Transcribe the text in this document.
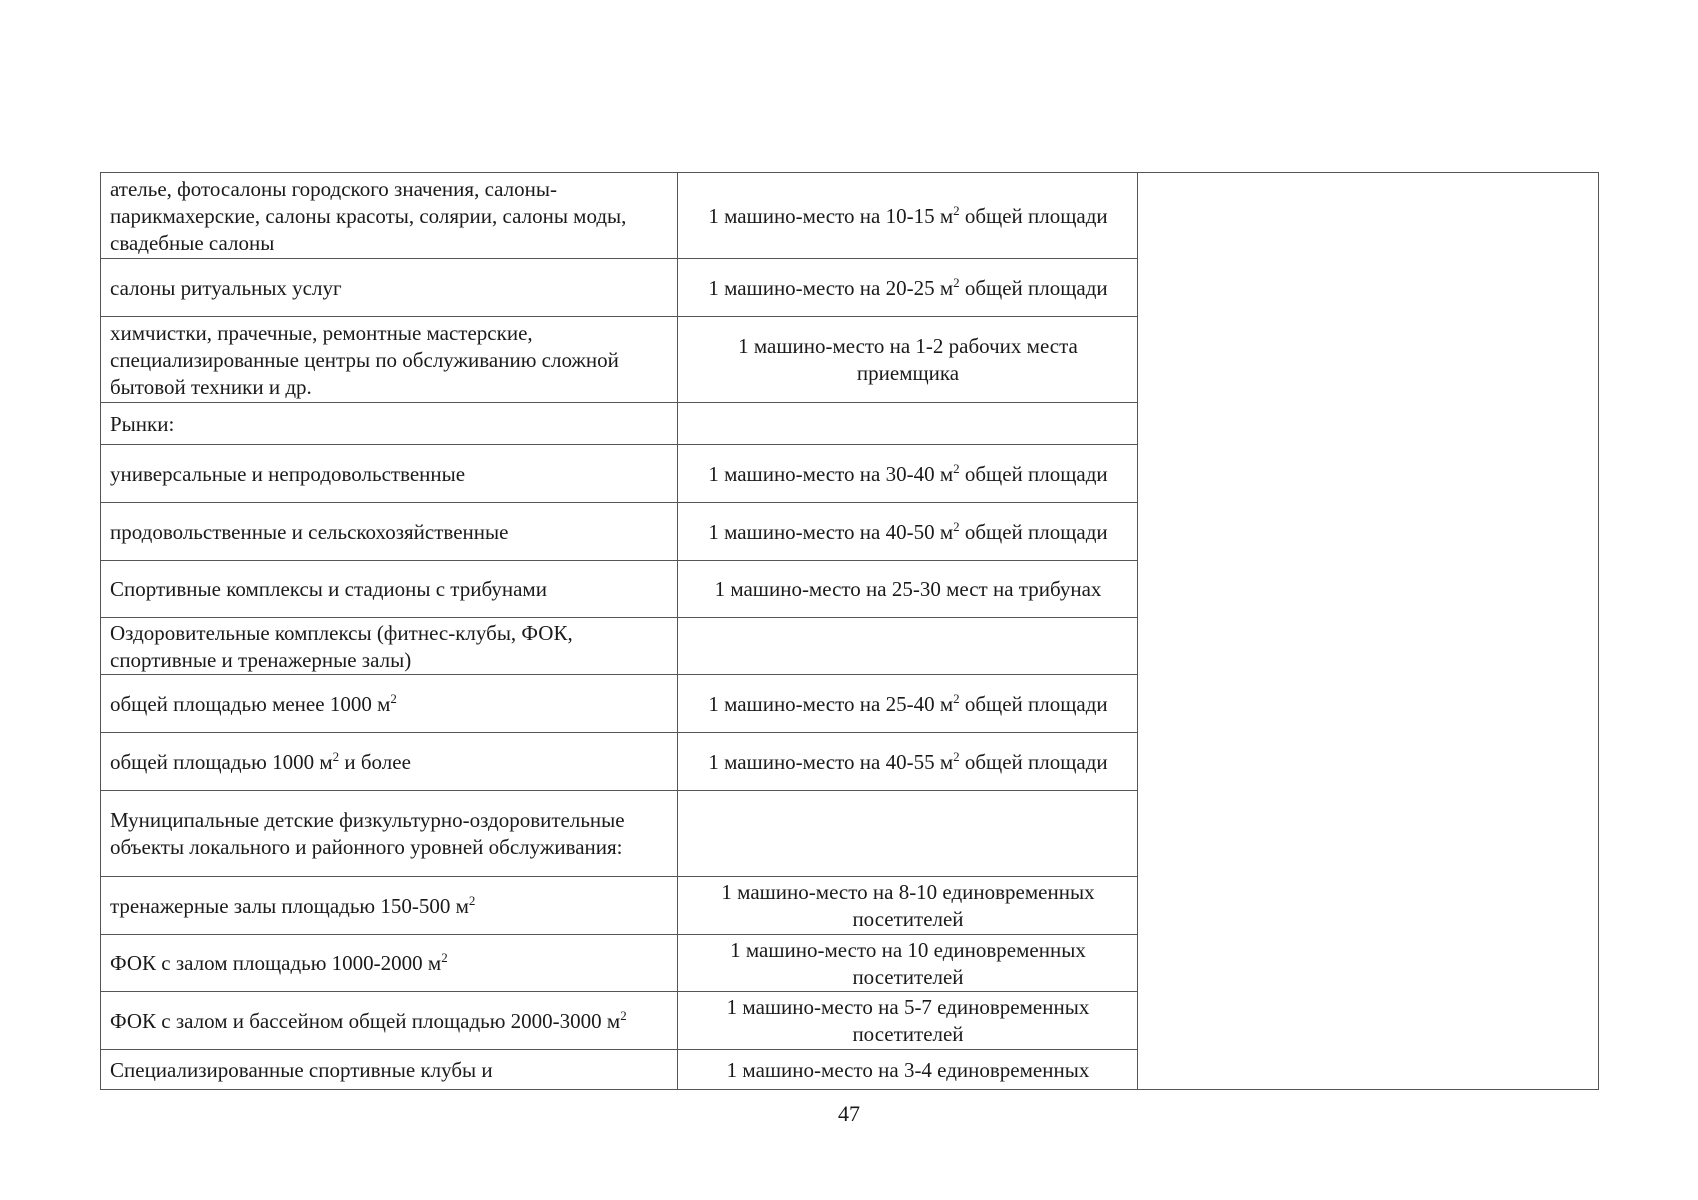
ателье, фотосалоны городского значения, салоны-парикмахерские, салоны красоты, солярии, салоны моды, свадебные салоны	1 машино-место на 10-15 $м^2$ общей площади	
салоны ритуальных услуг	1 машино-место на 20-25 $м^2$ общей площади	
химчистки, прачечные, ремонтные мастерские, специализированные центры по обслуживанию сложной бытовой техники и др.	1 машино-место на 1-2 рабочих места приемщика	
Рынки:		
универсальные и непродовольственные	1 машино-место на 30-40 $м^2$ общей площади	
продовольственные и сельскохозяйственные	1 машино-место на 40-50 $м^2$ общей площади	
Спортивные комплексы и стадионы с трибунами	1 машино-место на 25-30 мест на трибунах	
Оздоровительные комплексы (фитнес-клубы, ФОК, спортивные и тренажерные залы)		
общей площадью менее 1000 $м^2$	1 машино-место на 25-40 $м^2$ общей площади	
общей площадью 1000 $м^2$ и более	1 машино-место на 40-55 $м^2$ общей площади	
Муниципальные детские физкультурно-оздоровительные объекты локального и районного уровней обслуживания:		
тренажерные залы площадью 150-500 $м^2$	1 машино-место на 8-10 единовременных посетителей	
ФОК с залом площадью 1000-2000 $м^2$	1 машино-место на 10 единовременных посетителей	
ФОК с залом и бассейном общей площадью 2000-3000 $м^2$	1 машино-место на 5-7 единовременных посетителей	
Специализированные спортивные клубы и	1 машино-место на 3-4 единовременных	
47
